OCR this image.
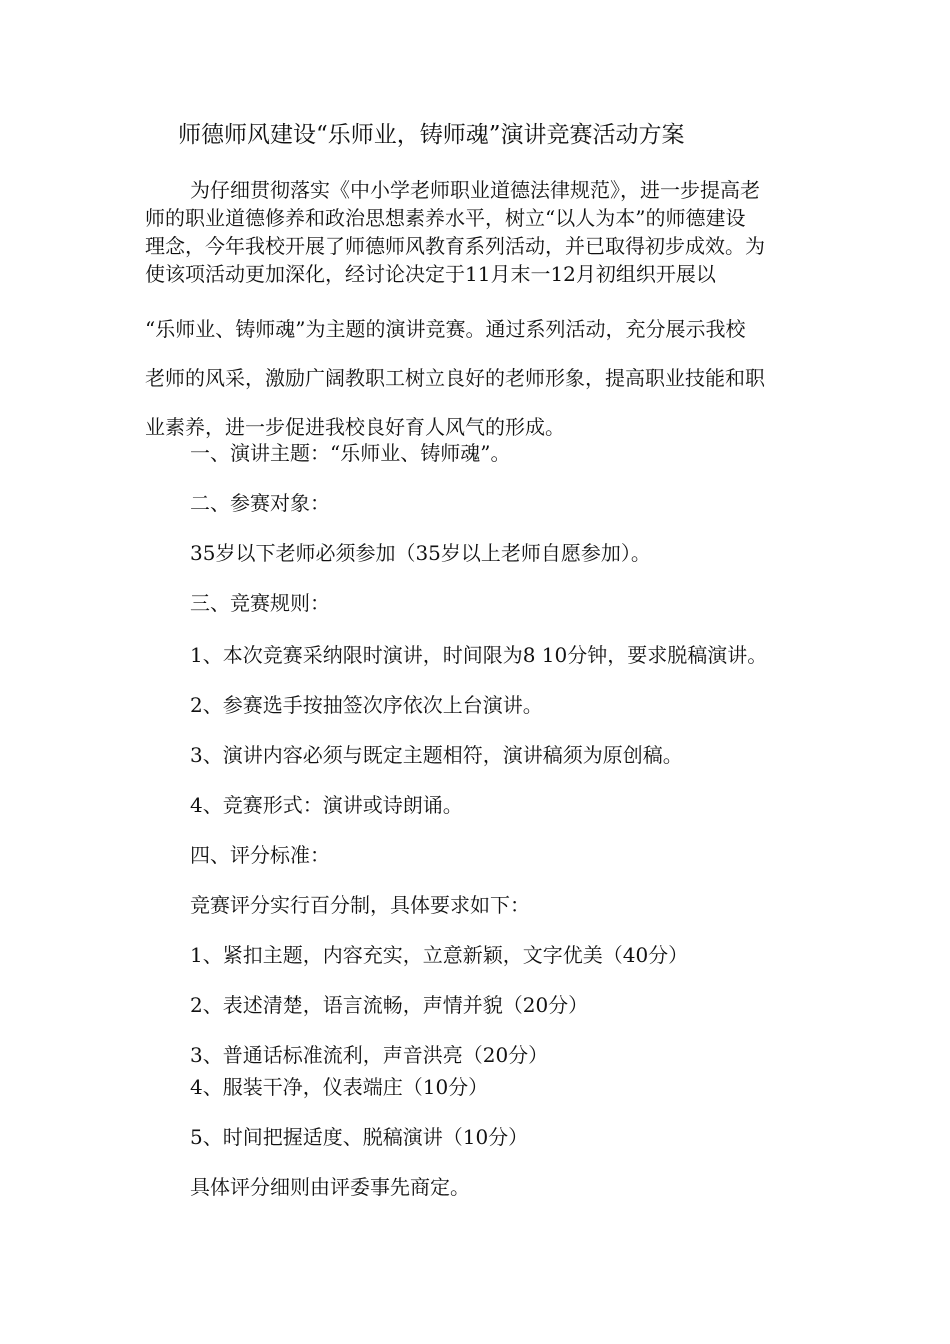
师德师风建设“乐师业，铸师魂”演讲竞赛活动方案
为仔细贯彻落实《中小学老师职业道德法律规范》，进一步提高老
师的职业道德修养和政治思想素养水平，树立“以人为本”的师德建设
理念，今年我校开展了师德师风教育系列活动，并已取得初步成效。为
使该项活动更加深化，经讨论决定于11月末一12月初组织开展以
“乐师业、铸师魂”为主题的演讲竞赛。通过系列活动，充分展示我校
老师的风采，激励广阔教职工树立良好的老师形象，提高职业技能和职
业素养，进一步促进我校良好育人风气的形成。
一、演讲主题：“乐师业、铸师魂”。
二、参赛对象：
35岁以下老师必须参加（35岁以上老师自愿参加）。
三、竞赛规则：
1、本次竞赛采纳限时演讲，时间限为8 10分钟，要求脱稿演讲。
2、参赛选手按抽签次序依次上台演讲。
3、演讲内容必须与既定主题相符，演讲稿须为原创稿。
4、竞赛形式：演讲或诗朗诵。
四、评分标准：
竞赛评分实行百分制，具体要求如下：
1、紧扣主题，内容充实，立意新颖，文字优美（40分）
2、表述清楚，语言流畅，声情并貌（20分）
3、普通话标准流利，声音洪亮（20分）
4、服装干净，仪表端庄（10分）
5、时间把握适度、脱稿演讲（10分）
具体评分细则由评委事先商定。
